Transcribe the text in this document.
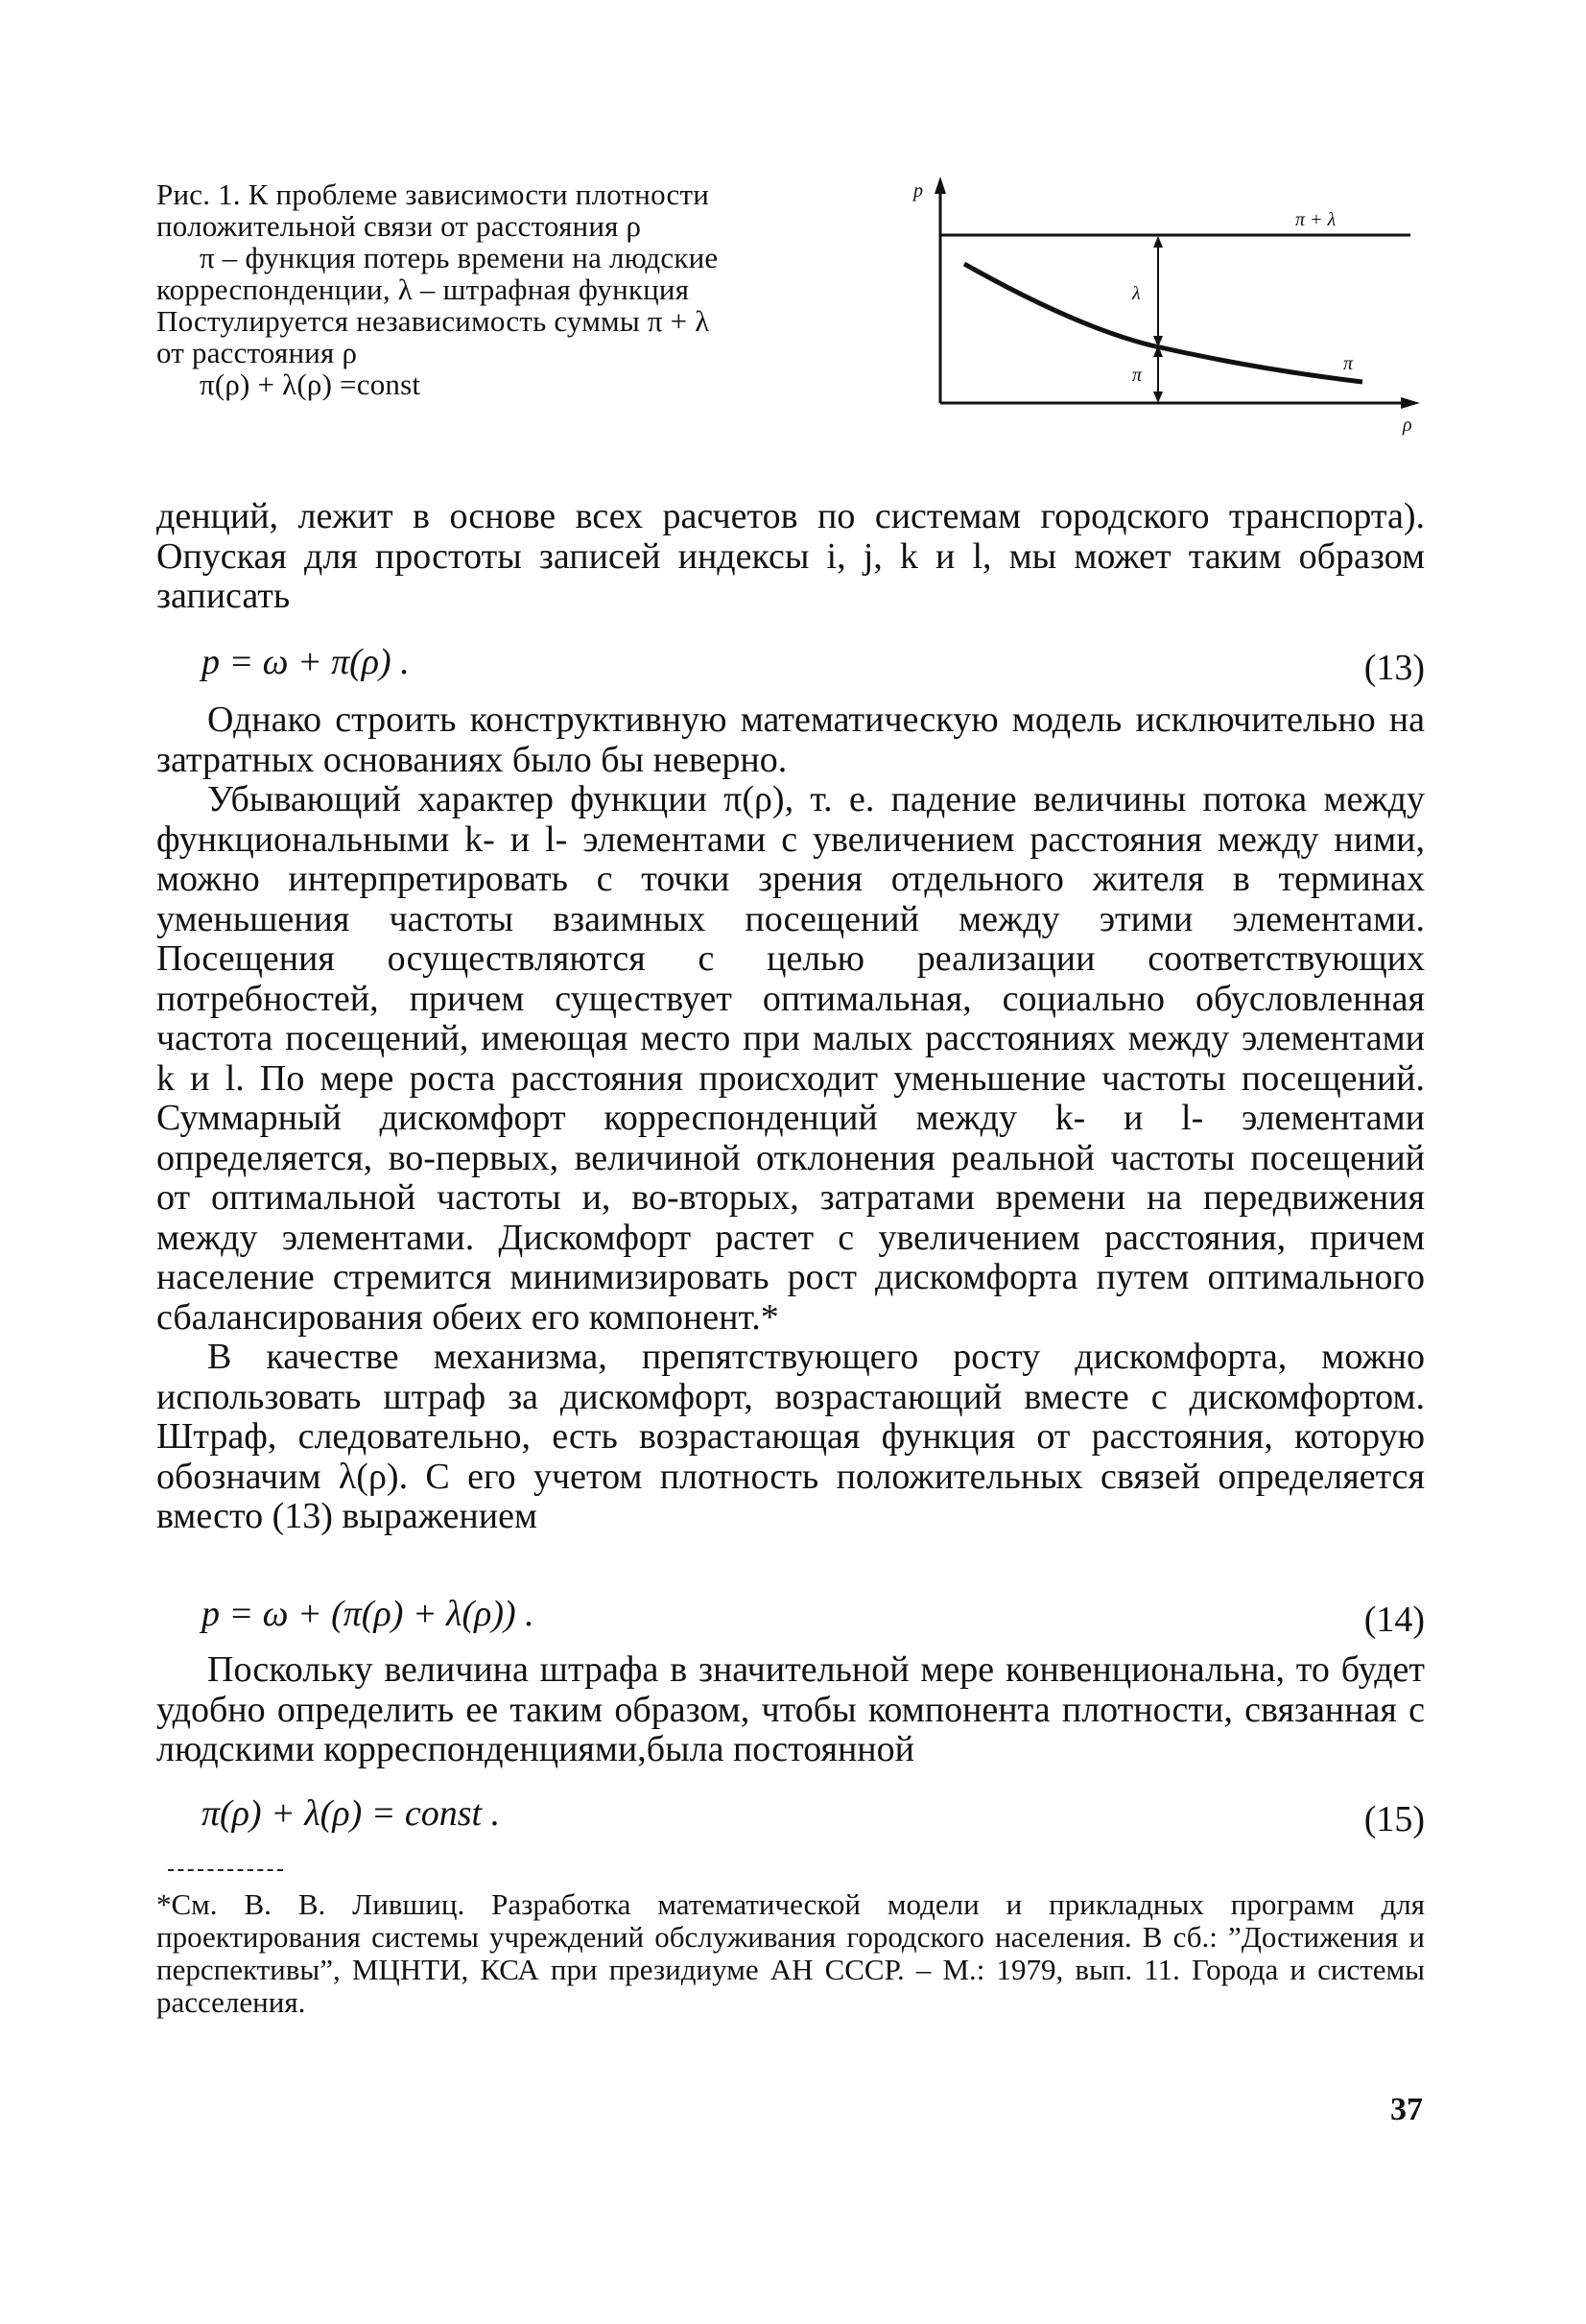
Рис. 1. К проблеме зависимости плотности
положительной связи от расстояния ρ
π – функция потерь времени на людские
корреспонденции, λ – штрафная функция
Постулируется независимость суммы π + λ
от расстояния ρ
π(ρ) + λ(ρ) =const
p
ρ
π + λ
λ
π
π

денций, лежит в основе всех расчетов по системам городского транспорта). Опуская для простоты записей индексы i, j, k и l, мы может таким образом записать

p = ω + π(ρ) .	(13)

Однако строить конструктивную математическую модель исключительно на затратных основаниях было бы неверно.

Убывающий характер функции π(ρ), т. е. падение величины потока между функциональными k- и l- элементами с увеличением расстояния между ними, можно интерпретировать с точки зрения отдельного жителя в терминах уменьшения частоты взаимных посещений между этими элементами. Посещения осуществляются с целью реализации соответствующих потребностей, причем существует оптимальная, социально обусловленная частота посещений, имеющая место при малых расстояниях между элементами k и l. По мере роста расстояния происходит уменьшение частоты посещений. Суммарный дискомфорт корреспонденций между k- и l- элементами определяется, во-первых, величиной отклонения реальной частоты посещений от оптимальной частоты и, во-вторых, затратами времени на передвижения между элементами. Дискомфорт растет с увеличением расстояния, причем население стремится минимизировать рост дискомфорта путем оптимального сбалансирования обеих его компонент.*

В качестве механизма, препятствующего росту дискомфорта, можно использовать штраф за дискомфорт, возрастающий вместе с дискомфортом. Штраф, следовательно, есть возрастающая функция от расстояния, которую обозначим λ(ρ). С его учетом плотность положительных связей определяется вместо (13) выражением

p = ω + (π(ρ) + λ(ρ)) .	(14)

Поскольку величина штрафа в значительной мере конвенциональна, то будет удобно определить ее таким образом, чтобы компонента плотности, связанная с людскими корреспонденциями,была постоянной

π(ρ) + λ(ρ) = const .	(15)
*См. В. В. Лившиц. Разработка математической модели и прикладных программ для проектирования системы учреждений обслуживания городского населения. В сб.: ”Достижения и перспективы”, МЦНТИ, КСА при президиуме АН СССР. – М.: 1979, вып. 11. Города и системы расселения.
37
